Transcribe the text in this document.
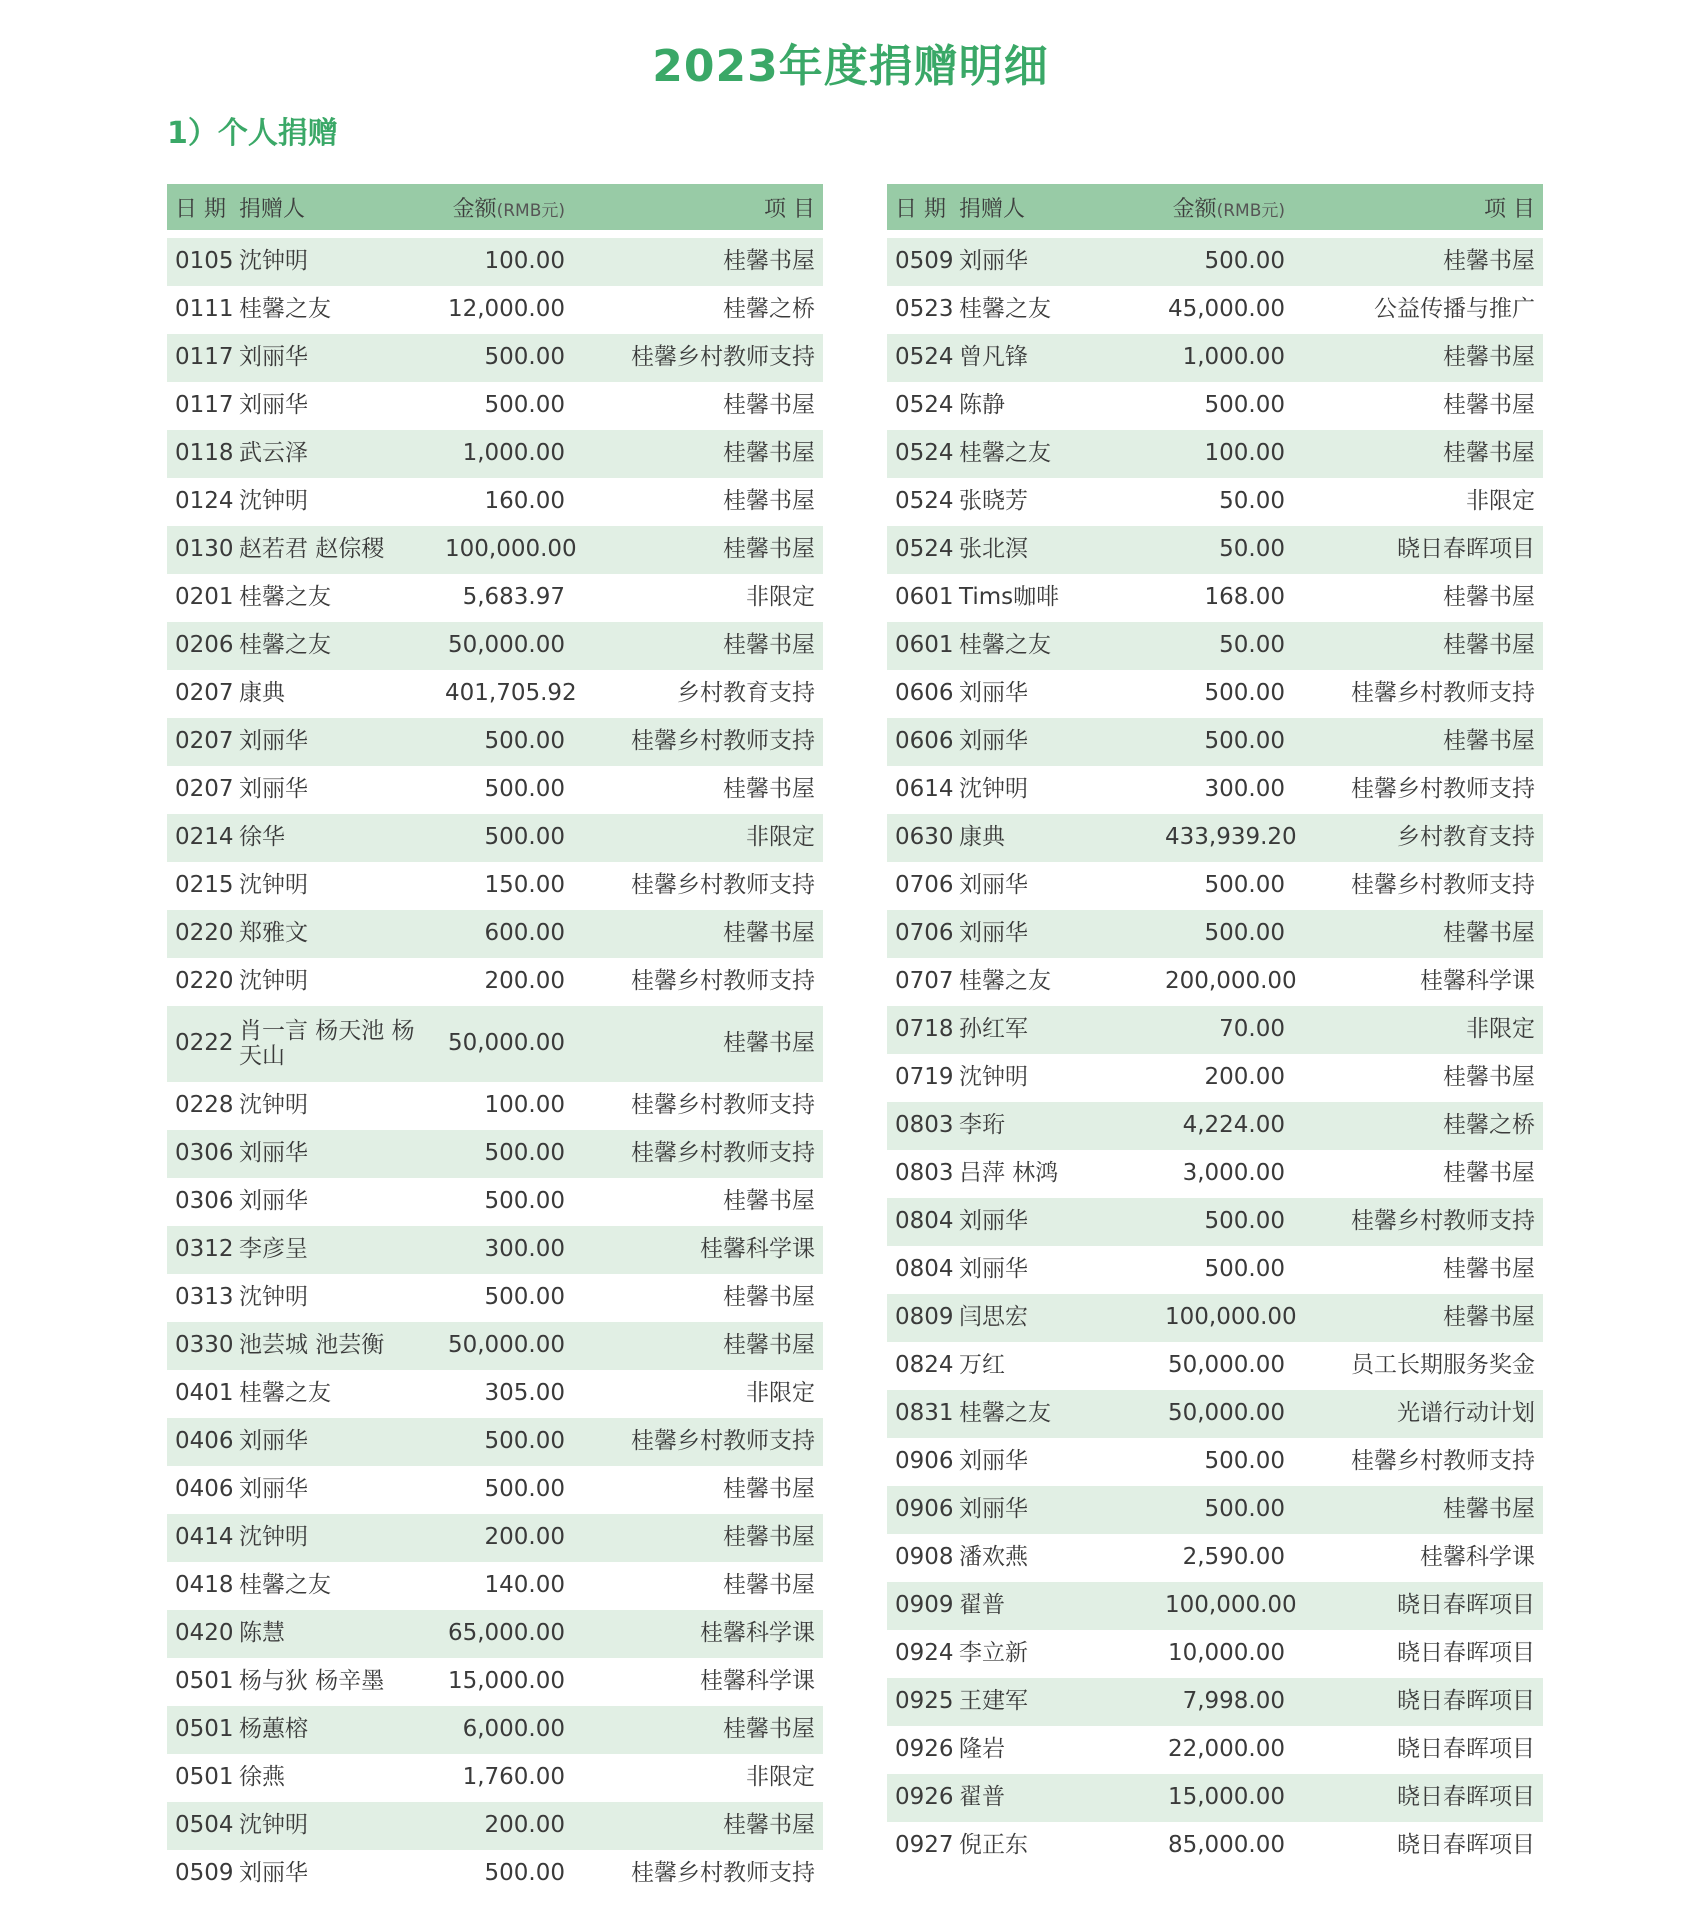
2023年度捐赠明细
1）个人捐赠
日 期	捐赠人	金额(RMB元)	项 目
0105	沈钟明	100.00	桂馨书屋
0111	桂馨之友	12,000.00	桂馨之桥
0117	刘丽华	500.00	桂馨乡村教师支持
0117	刘丽华	500.00	桂馨书屋
0118	武云泽	1,000.00	桂馨书屋
0124	沈钟明	160.00	桂馨书屋
0130	赵若君 赵倧稷	100,000.00	桂馨书屋
0201	桂馨之友	5,683.97	非限定
0206	桂馨之友	50,000.00	桂馨书屋
0207	康典	401,705.92	乡村教育支持
0207	刘丽华	500.00	桂馨乡村教师支持
0207	刘丽华	500.00	桂馨书屋
0214	徐华	500.00	非限定
0215	沈钟明	150.00	桂馨乡村教师支持
0220	郑雅文	600.00	桂馨书屋
0220	沈钟明	200.00	桂馨乡村教师支持
0222	肖一言 杨天池 杨天山	50,000.00	桂馨书屋
0228	沈钟明	100.00	桂馨乡村教师支持
0306	刘丽华	500.00	桂馨乡村教师支持
0306	刘丽华	500.00	桂馨书屋
0312	李彦呈	300.00	桂馨科学课
0313	沈钟明	500.00	桂馨书屋
0330	池芸城 池芸衡	50,000.00	桂馨书屋
0401	桂馨之友	305.00	非限定
0406	刘丽华	500.00	桂馨乡村教师支持
0406	刘丽华	500.00	桂馨书屋
0414	沈钟明	200.00	桂馨书屋
0418	桂馨之友	140.00	桂馨书屋
0420	陈慧	65,000.00	桂馨科学课
0501	杨与狄 杨辛墨	15,000.00	桂馨科学课
0501	杨蕙榕	6,000.00	桂馨书屋
0501	徐燕	1,760.00	非限定
0504	沈钟明	200.00	桂馨书屋
0509	刘丽华	500.00	桂馨乡村教师支持
日 期	捐赠人	金额(RMB元)	项 目
0509	刘丽华	500.00	桂馨书屋
0523	桂馨之友	45,000.00	公益传播与推广
0524	曾凡锋	1,000.00	桂馨书屋
0524	陈静	500.00	桂馨书屋
0524	桂馨之友	100.00	桂馨书屋
0524	张晓芳	50.00	非限定
0524	张北溟	50.00	晓日春晖项目
0601	Tims咖啡	168.00	桂馨书屋
0601	桂馨之友	50.00	桂馨书屋
0606	刘丽华	500.00	桂馨乡村教师支持
0606	刘丽华	500.00	桂馨书屋
0614	沈钟明	300.00	桂馨乡村教师支持
0630	康典	433,939.20	乡村教育支持
0706	刘丽华	500.00	桂馨乡村教师支持
0706	刘丽华	500.00	桂馨书屋
0707	桂馨之友	200,000.00	桂馨科学课
0718	孙红军	70.00	非限定
0719	沈钟明	200.00	桂馨书屋
0803	李珩	4,224.00	桂馨之桥
0803	吕萍 林鸿	3,000.00	桂馨书屋
0804	刘丽华	500.00	桂馨乡村教师支持
0804	刘丽华	500.00	桂馨书屋
0809	闫思宏	100,000.00	桂馨书屋
0824	万红	50,000.00	员工长期服务奖金
0831	桂馨之友	50,000.00	光谱行动计划
0906	刘丽华	500.00	桂馨乡村教师支持
0906	刘丽华	500.00	桂馨书屋
0908	潘欢燕	2,590.00	桂馨科学课
0909	翟普	100,000.00	晓日春晖项目
0924	李立新	10,000.00	晓日春晖项目
0925	王建军	7,998.00	晓日春晖项目
0926	隆岩	22,000.00	晓日春晖项目
0926	翟普	15,000.00	晓日春晖项目
0927	倪正东	85,000.00	晓日春晖项目
